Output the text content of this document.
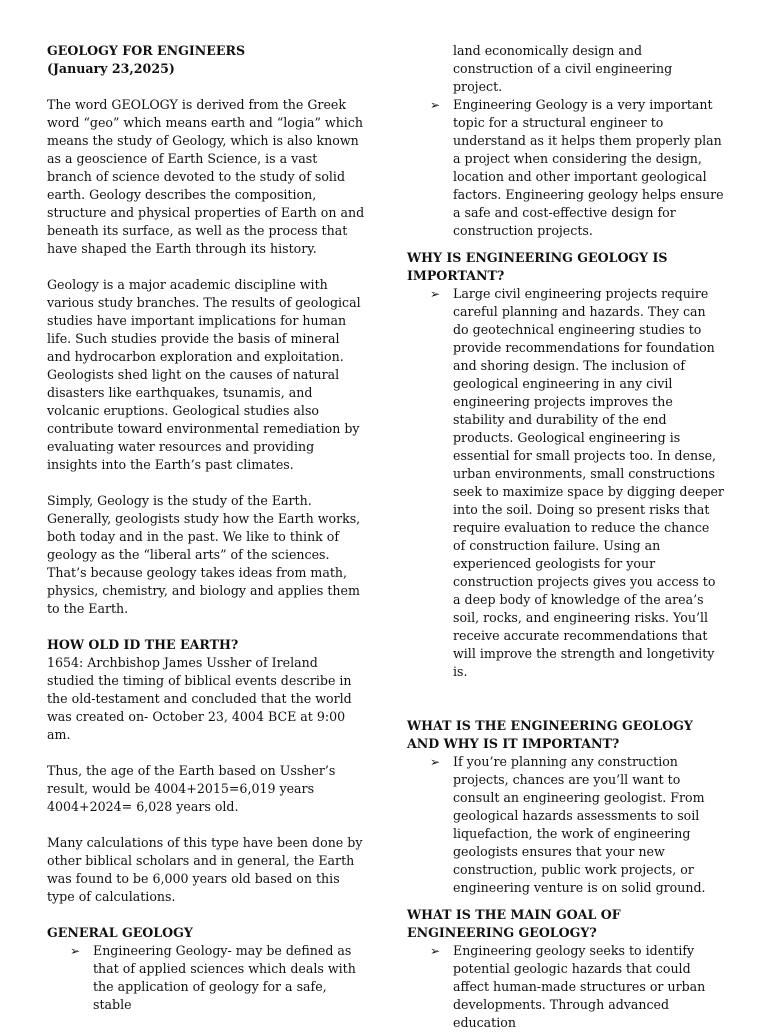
GEOLOGY FOR ENGINEERS

(January 23,2025)

The word GEOLOGY is derived from the Greek word “geo” which means earth and “logia” which means the study of Geology, which is also known as a geoscience of Earth Science, is a vast branch of science devoted to the study of solid earth. Geology describes the composition, structure and physical properties of Earth on and beneath its surface, as well as the process that have shaped the Earth through its history.

Geology is a major academic discipline with various study branches. The results of geological studies have important implications for human life. Such studies provide the basis of mineral and hydrocarbon exploration and exploitation. Geologists shed light on the causes of natural disasters like earthquakes, tsunamis, and volcanic eruptions. Geological studies also contribute toward environmental remediation by evaluating water resources and providing insights into the Earth’s past climates.

Simply, Geology is the study of the Earth. Generally, geologists study how the Earth works, both today and in the past. We like to think of geology as the “liberal arts” of the sciences. That’s because geology takes ideas from math, physics, chemistry, and biology and applies them to the Earth.

HOW OLD ID THE EARTH?

1654: Archbishop James Ussher of Ireland studied the timing of biblical events describe in the old-testament and concluded that the world was created on- October 23, 4004 BCE at 9:00 am.

Thus, the age of the Earth based on Ussher’s result, would be 4004+2015=6,019 years

4004+2024= 6,028 years old.

Many calculations of this type have been done by other biblical scholars and in general, the Earth was found to be 6,000 years old based on this type of calculations.

GENERAL GEOLOGY

➢ Engineering Geology- may be defined as that of applied sciences which deals with the application of geology for a safe, stable

land economically design and construction of a civil engineering project.

➢ Engineering Geology is a very important topic for a structural engineer to understand as it helps them properly plan a project when considering the design, location and other important geological factors. Engineering geology helps ensure a safe and cost-effective design for construction projects.

WHY IS ENGINEERING GEOLOGY IS IMPORTANT?

➢ Large civil engineering projects require careful planning and hazards. They can do geotechnical engineering studies to provide recommendations for foundation and shoring design. The inclusion of geological engineering in any civil engineering projects improves the stability and durability of the end products. Geological engineering is essential for small projects too. In dense, urban environments, small constructions seek to maximize space by digging deeper into the soil. Doing so present risks that require evaluation to reduce the chance of construction failure. Using an experienced geologists for your construction projects gives you access to a deep body of knowledge of the area’s soil, rocks, and engineering risks. You’ll receive accurate recommendations that will improve the strength and longetivity is.

WHAT IS THE ENGINEERING GEOLOGY AND WHY IS IT IMPORTANT?

➢ If you’re planning any construction projects, chances are you’ll want to consult an engineering geologist. From geological hazards assessments to soil liquefaction, the work of engineering geologists ensures that your new construction, public work projects, or engineering venture is on solid ground.

WHAT IS THE MAIN GOAL OF ENGINEERING GEOLOGY?

➢ Engineering geology seeks to identify potential geologic hazards that could affect human-made structures or urban developments. Through advanced education
